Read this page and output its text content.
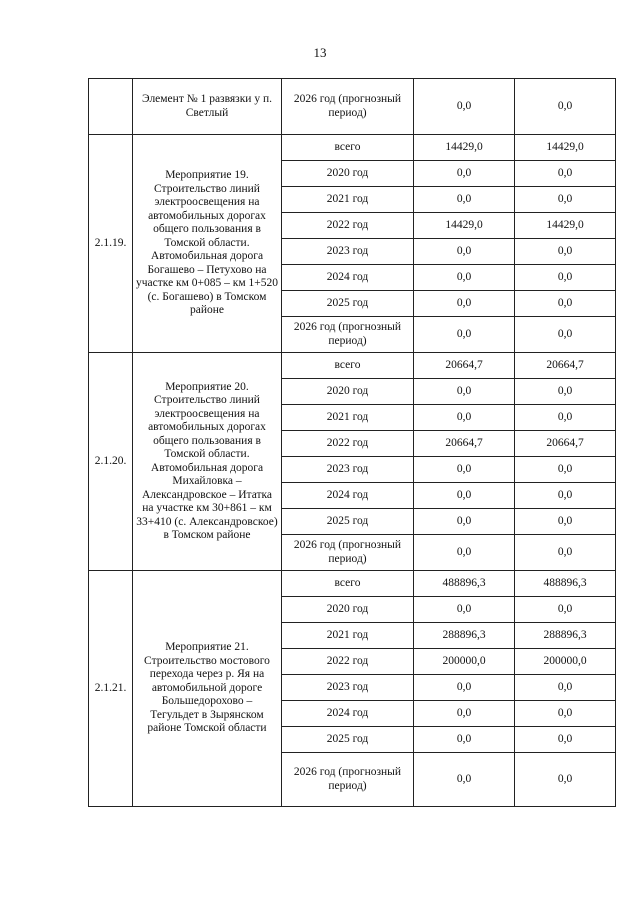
13
	Элемент № 1 развязки у п. Светлый	2026 год (прогнозный период)	0,0	0,0
2.1.19.	Мероприятие 19. Строительство линий электроосвещения на автомобильных дорогах общего пользования в Томской области. Автомобильная дорога Богашево – Петухово на участке км 0+085 – км 1+520 (с. Богашево) в Томском районе	всего	14429,0	14429,0
		2020 год	0,0	0,0
		2021 год	0,0	0,0
		2022 год	14429,0	14429,0
		2023 год	0,0	0,0
		2024 год	0,0	0,0
		2025 год	0,0	0,0
		2026 год (прогнозный период)	0,0	0,0
2.1.20.	Мероприятие 20. Строительство линий электроосвещения на автомобильных дорогах общего пользования в Томской области. Автомобильная дорога Михайловка – Александровское – Итатка на участке км 30+861 – км 33+410 (с. Александровское) в Томском районе	всего	20664,7	20664,7
		2020 год	0,0	0,0
		2021 год	0,0	0,0
		2022 год	20664,7	20664,7
		2023 год	0,0	0,0
		2024 год	0,0	0,0
		2025 год	0,0	0,0
		2026 год (прогнозный период)	0,0	0,0
2.1.21.	Мероприятие 21. Строительство мостового перехода через р. Яя на автомобильной дороге Большедорохово – Тегульдет в Зырянском районе Томской области	всего	488896,3	488896,3
		2020 год	0,0	0,0
		2021 год	288896,3	288896,3
		2022 год	200000,0	200000,0
		2023 год	0,0	0,0
		2024 год	0,0	0,0
		2025 год	0,0	0,0
		2026 год (прогнозный период)	0,0	0,0
